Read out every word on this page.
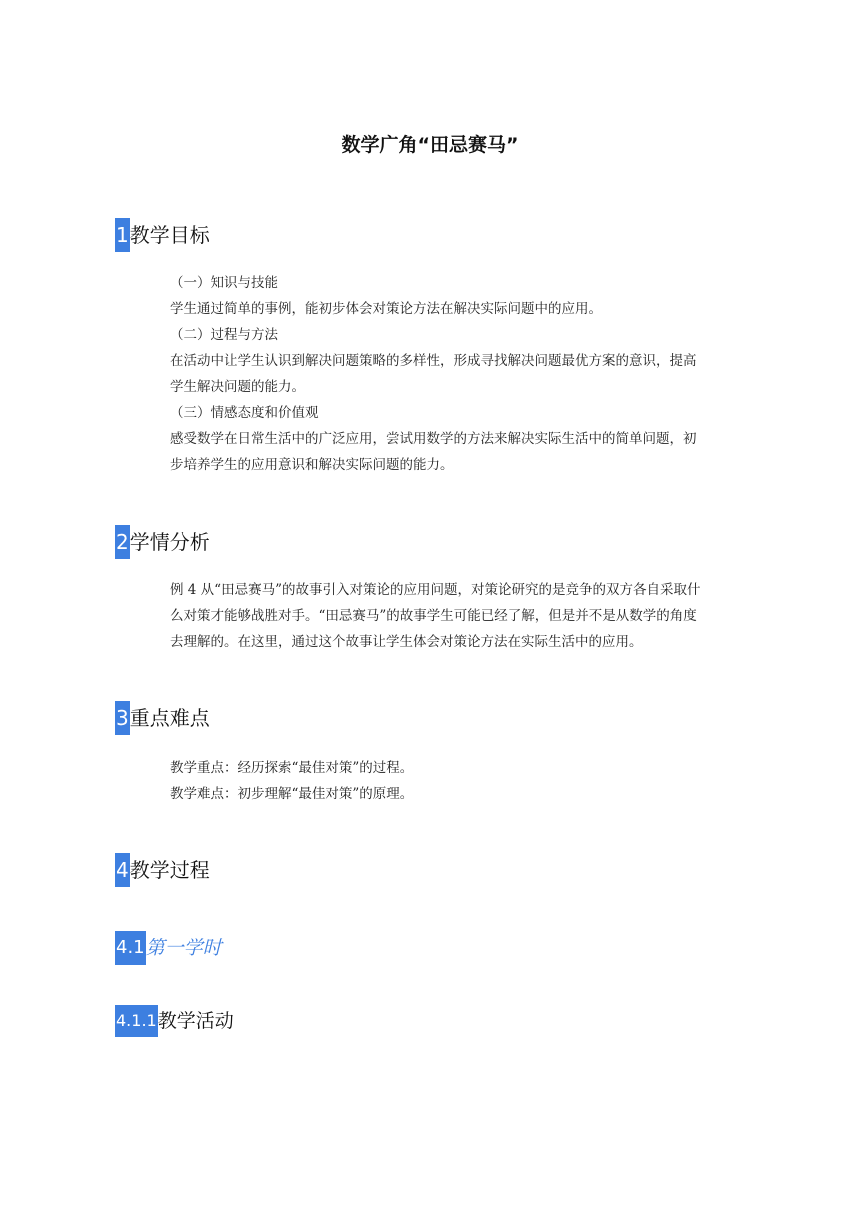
数学广角“田忌赛马”
1 教学目标
（一）知识与技能
学生通过简单的事例，能初步体会对策论方法在解决实际问题中的应用。
（二）过程与方法
在活动中让学生认识到解决问题策略的多样性，形成寻找解决问题最优方案的意识，提高
学生解决问题的能力。
（三）情感态度和价值观
感受数学在日常生活中的广泛应用，尝试用数学的方法来解决实际生活中的简单问题，初
步培养学生的应用意识和解决实际问题的能力。
2 学情分析
例 4 从“田忌赛马”的故事引入对策论的应用问题，对策论研究的是竞争的双方各自采取什
么对策才能够战胜对手。“田忌赛马”的故事学生可能已经了解，但是并不是从数学的角度
去理解的。在这里，通过这个故事让学生体会对策论方法在实际生活中的应用。
3 重点难点
教学重点：经历探索“最佳对策”的过程。
教学难点：初步理解“最佳对策”的原理。
4 教学过程
4.1 第一学时
4.1.1 教学活动
